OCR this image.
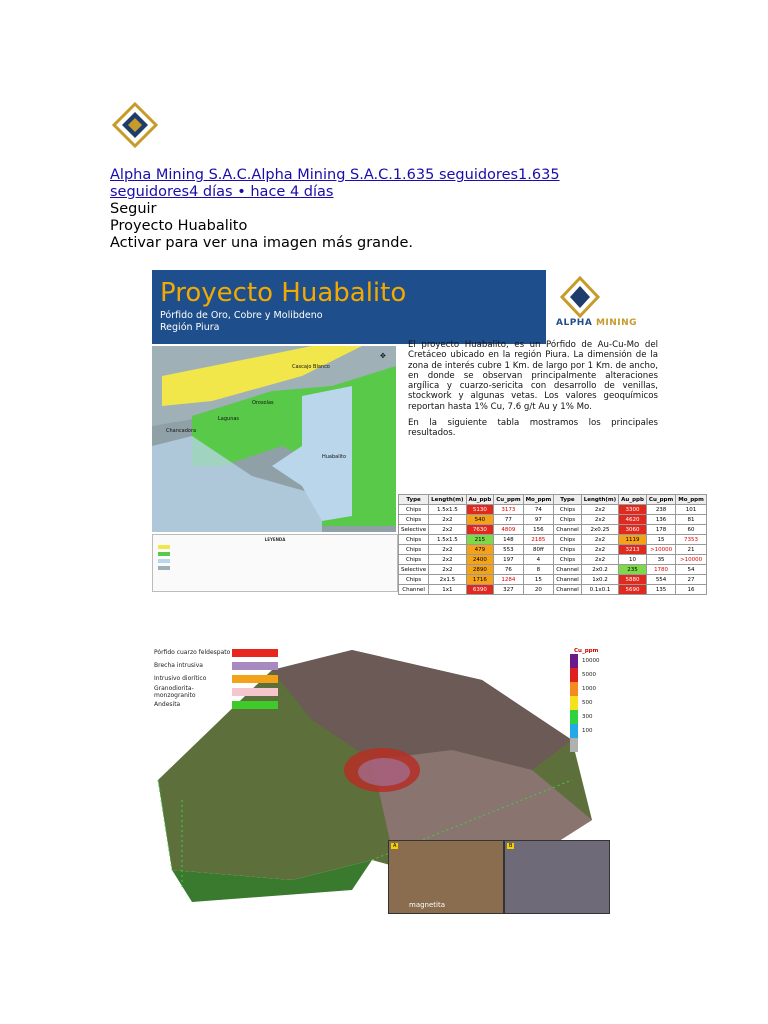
Alpha Mining S.A.C.Alpha Mining S.A.C.1.635 seguidores1.635 seguidores4 días • hace 4 días
Seguir
Proyecto Huabalito
Activar para ver una imagen más grande.
Proyecto Huabalito
Pórfido de Oro, Cobre y Molibdeno
Región Piura	ALPHA MINING
Cascajo Blanco
Orosolas
Lagunas
Chancadora
Huabalito
✥
LEYENDA

El proyecto Huabalito, es un Pórfido de Au-Cu-Mo del Cretáceo ubicado en la región Piura. La dimensión de la zona de interés cubre 1 Km. de largo por 1 Km. de ancho, en donde se observan principalmente alteraciones argílica y cuarzo-sericita con desarrollo de venillas, stockwork y algunas vetas. Los valores geoquímicos reportan hasta 1% Cu, 7.6 g/t Au y 1% Mo.

En la siguiente tabla mostramos los principales resultados.

Type	Length(m)	Au_ppb	Cu_ppm	Mo_ppm	Type	Length(m)	Au_ppb	Cu_ppm	Mo_ppm
Chips	1.5x1.5	5130	3173	74	Chips	2x2	3300	238	101
Chips	2x2	540	77	97	Chips	2x2	4620	136	81
Selective	2x2	7630	4809	156	Channel	2x0.25	3060	178	60
Chips	1.5x1.5	215	148	2185	Chips	2x2	1119	15	7353
Chips	2x2	479	553	80ff	Chips	2x2	3213	>10000	21
Chips	2x2	2400	197	4	Chips	2x2	10	35	>10000
Selective	2x2	2890	76	8	Channel	2x0.2	235	1780	54
Chips	2x1.5	1716	1284	15	Channel	1x0.2	5880	554	27
Channel	1x1	6390	327	20	Channel	0.1x0.1	5690	135	16
Pórfido cuarzo feldespato
Brecha intrusiva
Intrusivo diorítico
Granodiorita-monzogranito
Andesita
Cu_ppm
10000
5000
1000
500
300
100
A
magnetita
B
